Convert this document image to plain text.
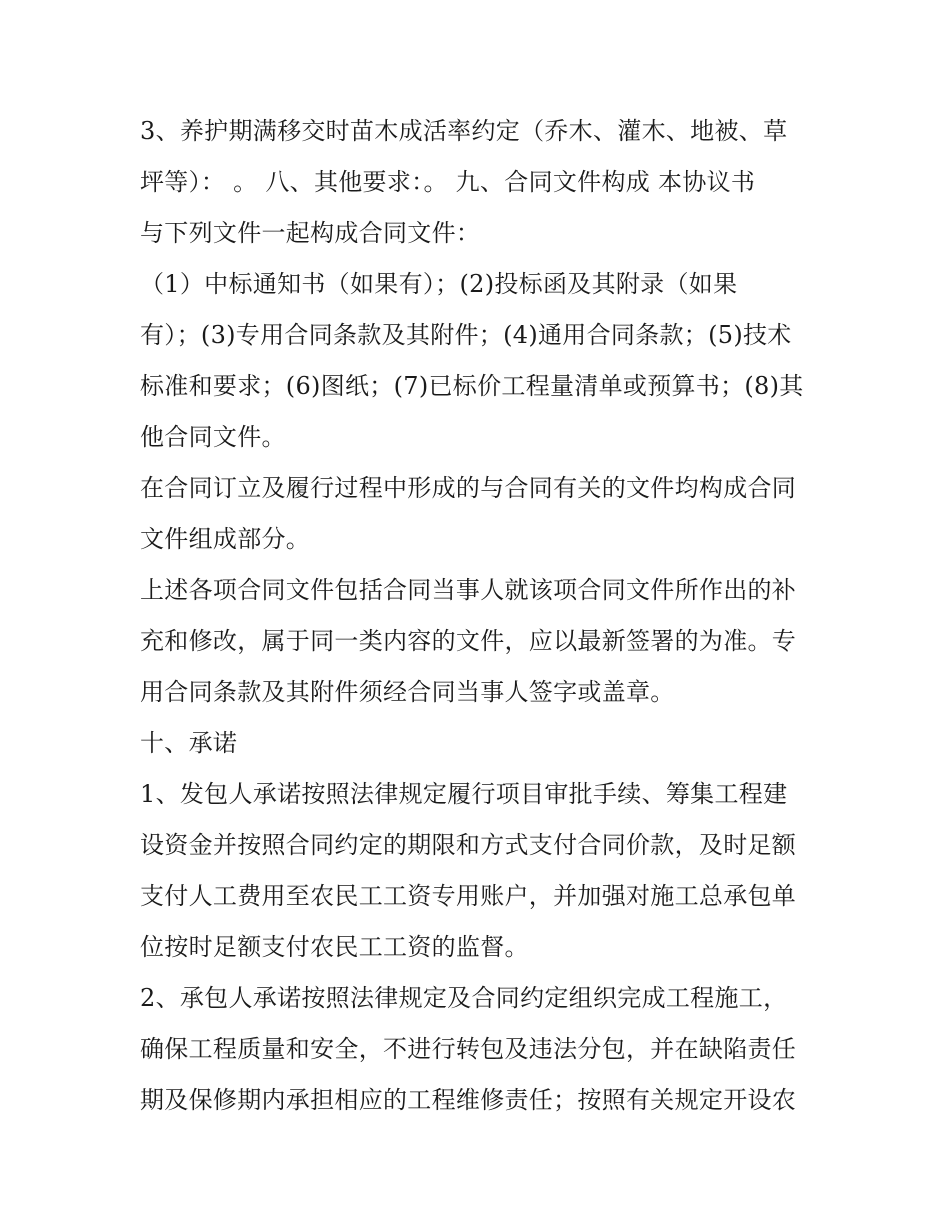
3、养护期满移交时苗木成活率约定（乔木、灌木、地被、草
坪等）： 。 八、其他要求：。 九、合同文件构成 本协议书
与下列文件一起构成合同文件：
（1）中标通知书（如果有）；(2)投标函及其附录（如果
有）；(3)专用合同条款及其附件；(4)通用合同条款；(5)技术
标准和要求；(6)图纸；(7)已标价工程量清单或预算书；(8)其
他合同文件。
在合同订立及履行过程中形成的与合同有关的文件均构成合同
文件组成部分。
上述各项合同文件包括合同当事人就该项合同文件所作出的补
充和修改，属于同一类内容的文件，应以最新签署的为准。专
用合同条款及其附件须经合同当事人签字或盖章。
十、承诺
1、发包人承诺按照法律规定履行项目审批手续、筹集工程建
设资金并按照合同约定的期限和方式支付合同价款，及时足额
支付人工费用至农民工工资专用账户，并加强对施工总承包单
位按时足额支付农民工工资的监督。
2、承包人承诺按照法律规定及合同约定组织完成工程施工，
确保工程质量和安全，不进行转包及违法分包，并在缺陷责任
期及保修期内承担相应的工程维修责任；按照有关规定开设农
